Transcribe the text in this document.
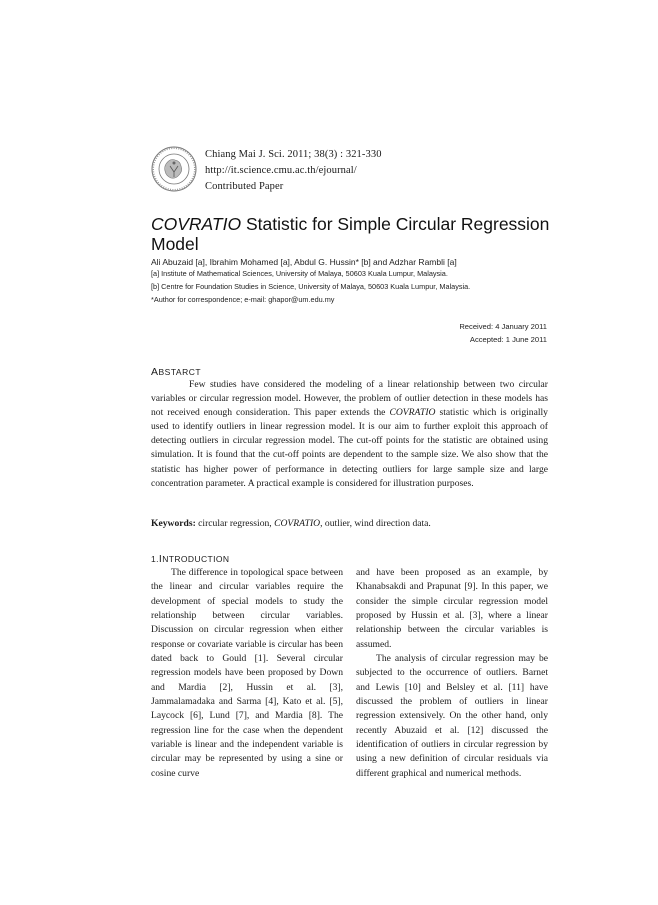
Chiang Mai J. Sci. 2011; 38(3) : 321-330
http://it.science.cmu.ac.th/ejournal/
Contributed Paper
COVRATIO Statistic for Simple Circular Regression Model
Ali Abuzaid [a], Ibrahim Mohamed [a], Abdul G. Hussin* [b] and Adzhar Rambli [a]
[a] Institute of Mathematical Sciences, University of Malaya, 50603 Kuala Lumpur, Malaysia.
[b] Centre for Foundation Studies in Science, University of Malaya, 50603 Kuala Lumpur, Malaysia.
*Author for correspondence; e-mail: ghapor@um.edu.my
Received: 4 January 2011
Accepted: 1 June 2011
ABSTARCT

Few studies have considered the modeling of a linear relationship between two circular variables or circular regression model. However, the problem of outlier detection in these models has not received enough consideration. This paper extends the COVRATIO statistic which is originally used to identify outliers in linear regression model. It is our aim to further exploit this approach of detecting outliers in circular regression model. The cut-off points for the statistic are obtained using simulation. It is found that the cut-off points are dependent to the sample size. We also show that the statistic has higher power of performance in detecting outliers for large sample size and large concentration parameter. A practical example is considered for illustration purposes.

Keywords: circular regression, COVRATIO, outlier, wind direction data.
1.INTRODUCTION

The difference in topological space between the linear and circular variables require the development of special models to study the relationship between circular variables. Discussion on circular regression when either response or covariate variable is circular has been dated back to Gould [1]. Several circular regression models have been proposed by Down and Mardia [2], Hussin et al. [3], Jammalamadaka and Sarma [4], Kato et al. [5], Laycock [6], Lund [7], and Mardia [8]. The regression line for the case when the dependent variable is linear and the independent variable is circular may be represented by using a sine or cosine curve

and have been proposed as an example, by Khanabsakdi and Prapunat [9]. In this paper, we consider the simple circular regression model proposed by Hussin et al. [3], where a linear relationship between the circular variables is assumed.

The analysis of circular regression may be subjected to the occurrence of outliers. Barnet and Lewis [10] and Belsley et al. [11] have discussed the problem of outliers in linear regression extensively. On the other hand, only recently Abuzaid et al. [12] discussed the identification of outliers in circular regression by using a new definition of circular residuals via different graphical and numerical methods.
